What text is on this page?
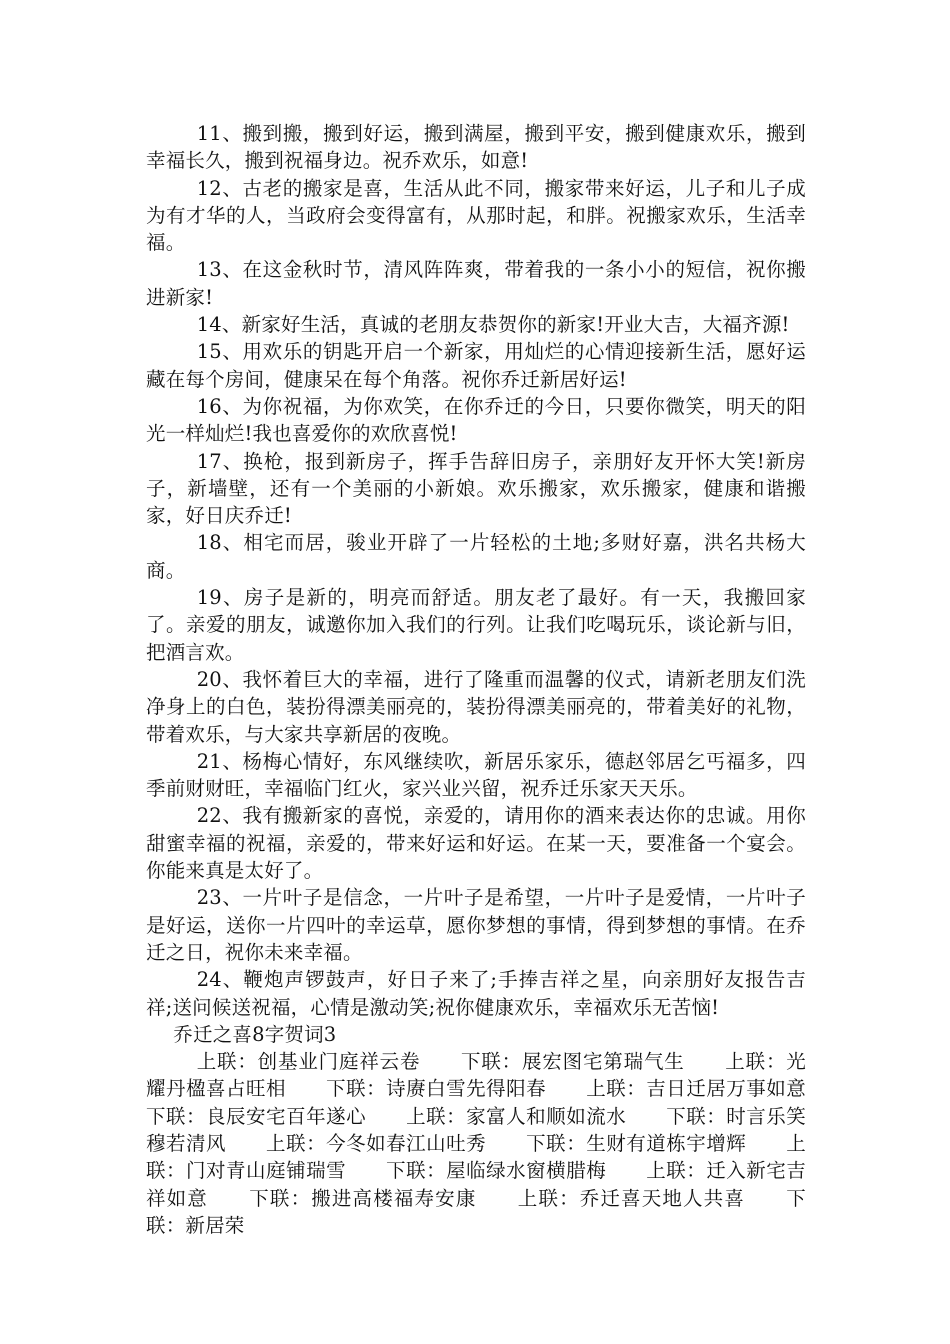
11、搬到搬，搬到好运，搬到满屋，搬到平安，搬到健康欢乐，搬到幸福长久，搬到祝福身边。祝乔欢乐，如意!

12、古老的搬家是喜，生活从此不同，搬家带来好运，儿子和儿子成为有才华的人，当政府会变得富有，从那时起，和胖。祝搬家欢乐，生活幸福。

13、在这金秋时节，清风阵阵爽，带着我的一条小小的短信，祝你搬进新家!

14、新家好生活，真诚的老朋友恭贺你的新家!开业大吉，大福齐源!

15、用欢乐的钥匙开启一个新家，用灿烂的心情迎接新生活，愿好运藏在每个房间，健康呆在每个角落。祝你乔迁新居好运!

16、为你祝福，为你欢笑，在你乔迁的今日，只要你微笑，明天的阳光一样灿烂!我也喜爱你的欢欣喜悦!

17、换枪，报到新房子，挥手告辞旧房子，亲朋好友开怀大笑!新房子，新墙壁，还有一个美丽的小新娘。欢乐搬家，欢乐搬家，健康和谐搬家，好日庆乔迁!

18、相宅而居，骏业开辟了一片轻松的土地;多财好嘉，洪名共杨大商。

19、房子是新的，明亮而舒适。朋友老了最好。有一天，我搬回家了。亲爱的朋友，诚邀你加入我们的行列。让我们吃喝玩乐，谈论新与旧，把酒言欢。

20、我怀着巨大的幸福，进行了隆重而温馨的仪式，请新老朋友们洗净身上的白色，装扮得漂美丽亮的，装扮得漂美丽亮的，带着美好的礼物，带着欢乐，与大家共享新居的夜晚。

21、杨梅心情好，东风继续吹，新居乐家乐，德赵邻居乞丐福多，四季前财财旺，幸福临门红火，家兴业兴留，祝乔迁乐家天天乐。

22、我有搬新家的喜悦，亲爱的，请用你的酒来表达你的忠诚。用你甜蜜幸福的祝福，亲爱的，带来好运和好运。在某一天，要准备一个宴会。你能来真是太好了。

23、一片叶子是信念，一片叶子是希望，一片叶子是爱情，一片叶子是好运，送你一片四叶的幸运草，愿你梦想的事情，得到梦想的事情。在乔迁之日，祝你未来幸福。

24、鞭炮声锣鼓声，好日子来了;手捧吉祥之星，向亲朋好友报告吉祥;送问候送祝福，心情是激动笑;祝你健康欢乐，幸福欢乐无苦恼!

乔迁之喜8字贺词3

上联：创基业门庭祥云卷　　下联：展宏图宅第瑞气生　　上联：光耀丹楹喜占旺相　　下联：诗赓白雪先得阳春　　上联：吉日迁居万事如意　　下联：良辰安宅百年遂心　　上联：家富人和顺如流水　　下联：时言乐笑穆若清风　　上联：今冬如春江山吐秀　　下联：生财有道栋宇增辉　　上联：门对青山庭铺瑞雪　　下联：屋临绿水窗横腊梅　　上联：迁入新宅吉祥如意　　下联：搬进高楼福寿安康　　上联：乔迁喜天地人共喜　　下联：新居荣
